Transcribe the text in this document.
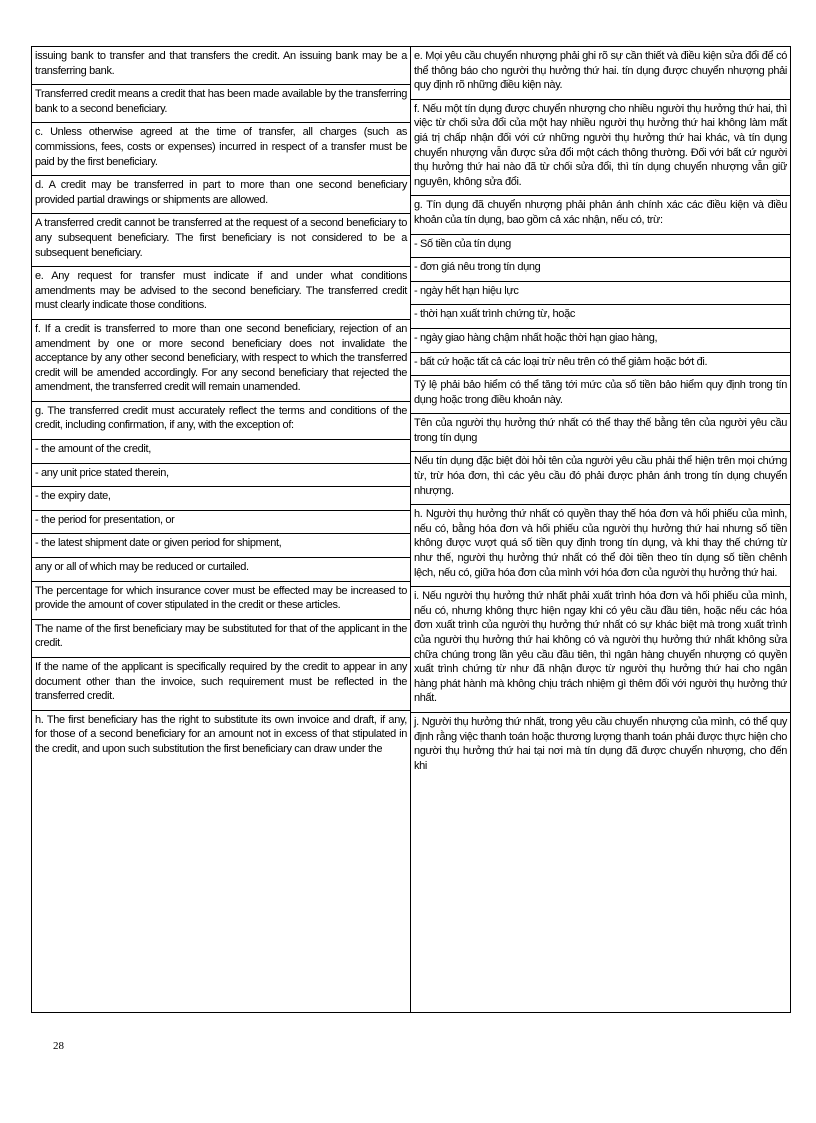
issuing bank to transfer and that transfers the credit. An issuing bank may be a transferring bank.
Transferred credit means a credit that has been made available by the transferring bank to a second beneficiary.
c. Unless otherwise agreed at the time of transfer, all charges (such as commissions, fees, costs or expenses) incurred in respect of a transfer must be paid by the first beneficiary.
d. A credit may be transferred in part to more than one second beneficiary provided partial drawings or shipments are allowed.
A transferred credit cannot be transferred at the request of a second beneficiary to any subsequent beneficiary. The first beneficiary is not considered to be a subsequent beneficiary.
e. Any request for transfer must indicate if and under what conditions amendments may be advised to the second beneficiary. The transferred credit must clearly indicate those conditions.
f. If a credit is transferred to more than one second beneficiary, rejection of an amendment by one or more second beneficiary does not invalidate the acceptance by any other second beneficiary, with respect to which the transferred credit will be amended accordingly. For any second beneficiary that rejected the amendment, the transferred credit will remain unamended.
g. The transferred credit must accurately reflect the terms and conditions of the credit, including confirmation, if any, with the exception of:
- the amount of the credit,
- any unit price stated therein,
- the expiry date,
- the period for presentation, or
- the latest shipment date or given period for shipment,
any or all of which may be reduced or curtailed.
The percentage for which insurance cover must be effected may be increased to provide the amount of cover stipulated in the credit or these articles.
The name of the first beneficiary may be substituted for that of the applicant in the credit.
If the name of the applicant is specifically required by the credit to appear in any document other than the invoice, such requirement must be reflected in the transferred credit.
h. The first beneficiary has the right to substitute its own invoice and draft, if any, for those of a second beneficiary for an amount not in excess of that stipulated in the credit, and upon such substitution the first beneficiary can draw under the
e. Mọi yêu cầu chuyển nhượng phải ghi rõ sự cần thiết và điều kiện sửa đổi để có thể thông báo cho người thụ hưởng thứ hai. tín dụng được chuyển nhượng phải quy định rõ những điều kiện này.
f. Nếu một tín dụng được chuyển nhượng cho nhiều người thụ hưởng thứ hai, thì việc từ chối sửa đổi của một hay nhiều người thụ hưởng thứ hai không làm mất giá trị chấp nhận đối với cứ những người thụ hưởng thứ hai khác, và tín dụng chuyển nhượng vẫn được sửa đổi một cách thông thường. Đối với bất cứ người thụ hưởng thứ hai nào đã từ chối sửa đổi, thì tín dụng chuyển nhượng vẫn giữ nguyên, không sửa đổi.
g. Tín dụng đã chuyển nhượng phải phản ánh chính xác các điều kiện và điều khoản của tín dụng, bao gồm cả xác nhận, nếu có, trừ:
- Số tiền của tín dụng
- đơn giá nêu trong tín dụng
- ngày hết hạn hiệu lực
- thời hạn xuất trình chứng từ, hoặc
- ngày giao hàng chậm nhất hoặc thời hạn giao hàng,
- bất cứ hoặc tất cả các loại trừ nêu trên có thể giảm hoặc bớt đi.
Tỷ lệ phải bảo hiểm có thể tăng tới mức của số tiền bảo hiểm quy định trong tín dụng hoặc trong điều khoản này.
Tên của người thụ hưởng thứ nhất có thể thay thế bằng tên của người yêu cầu trong tín dụng
Nếu tín dụng đặc biệt đòi hỏi tên của người yêu cầu phải thể hiện trên mọi chứng từ, trừ hóa đơn, thì các yêu cầu đó phải được phản ánh trong tín dụng chuyển nhượng.
h. Người thụ hưởng thứ nhất có quyền thay thế hóa đơn và hối phiếu của mình, nếu có, bằng hóa đơn và hối phiếu của người thụ hưởng thứ hai nhưng số tiền không được vượt quá số tiền quy định trong tín dụng, và khi thay thế chứng từ như thế, người thụ hưởng thứ nhất có thể đòi tiền theo tín dụng số tiền chênh lệch, nếu có, giữa hóa đơn của mình với hóa đơn của người thụ hưởng thứ hai.
i. Nếu người thụ hưởng thứ nhất phải xuất trình hóa đơn và hối phiếu của mình, nếu có, nhưng không thực hiện ngay khi có yêu cầu đầu tiên, hoặc nếu các hóa đơn xuất trình của người thụ hưởng thứ nhất có sự khác biệt mà trong xuất trình của người thụ hưởng thứ hai không có và người thụ hưởng thứ nhất không sửa chữa chúng trong lần yêu cầu đầu tiên, thì ngân hàng chuyển nhượng có quyền xuất trình chứng từ như đã nhận được từ người thụ hưởng thứ hai cho ngân hàng phát hành mà không chịu trách nhiệm gì thêm đối với người thụ hưởng thứ nhất.
j. Người thụ hưởng thứ nhất, trong yêu cầu chuyển nhượng của mình, có thể quy định rằng việc thanh toán hoặc thương lượng thanh toán phải được thực hiện cho người thụ hưởng thứ hai tại nơi mà tín dụng đã được chuyển nhượng, cho đến khi
28
